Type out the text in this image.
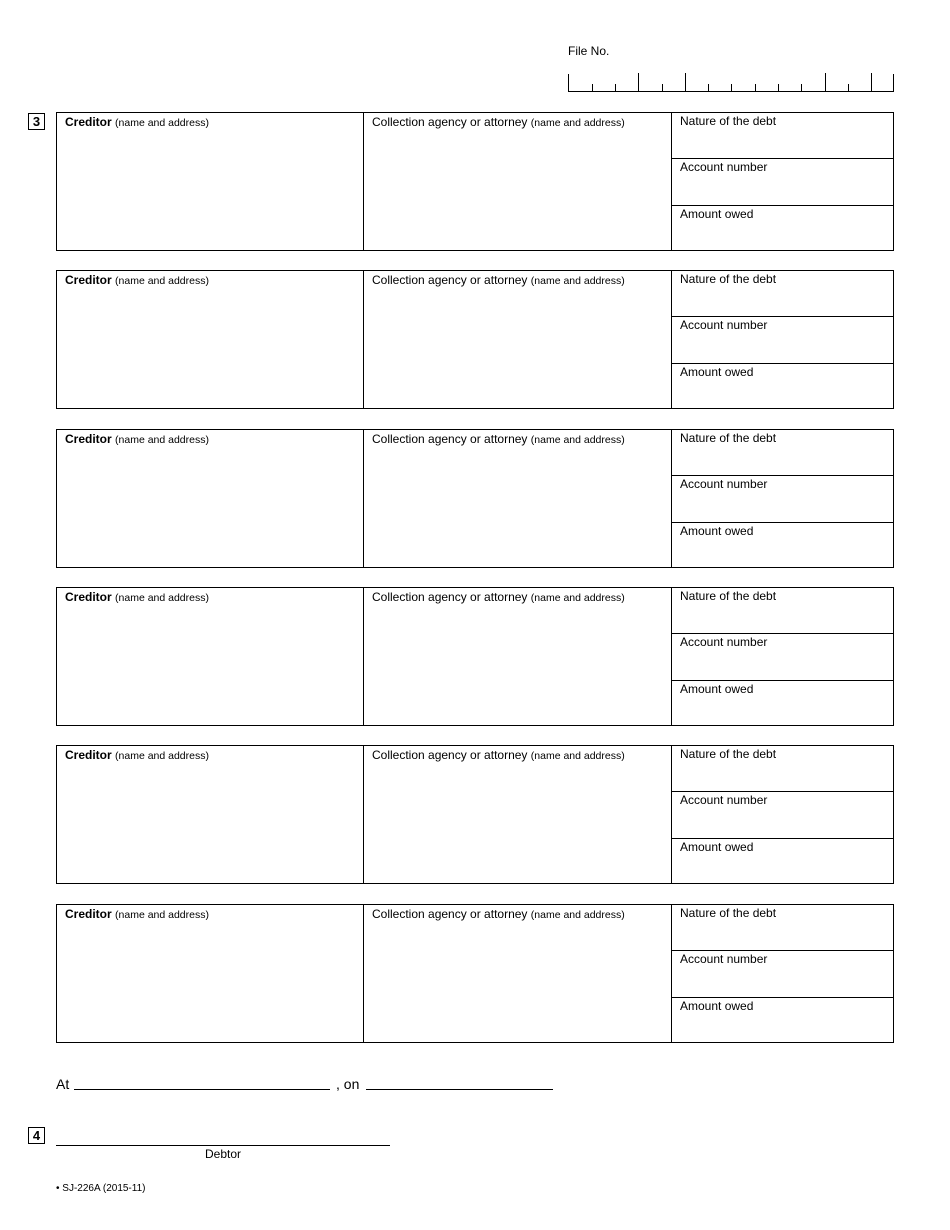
File No.
3	Creditor (name and address)	Collection agency or attorney (name and address)	Nature of the debt
Account number
Amount owed
Creditor (name and address)	Collection agency or attorney (name and address)	Nature of the debt
Account number
Amount owed
Creditor (name and address)	Collection agency or attorney (name and address)	Nature of the debt
Account number
Amount owed
Creditor (name and address)	Collection agency or attorney (name and address)	Nature of the debt
Account number
Amount owed
Creditor (name and address)	Collection agency or attorney (name and address)	Nature of the debt
Account number
Amount owed
Creditor (name and address)	Collection agency or attorney (name and address)	Nature of the debt
Account number
Amount owed
At	, on
4
Debtor
• SJ-226A (2015-11)
